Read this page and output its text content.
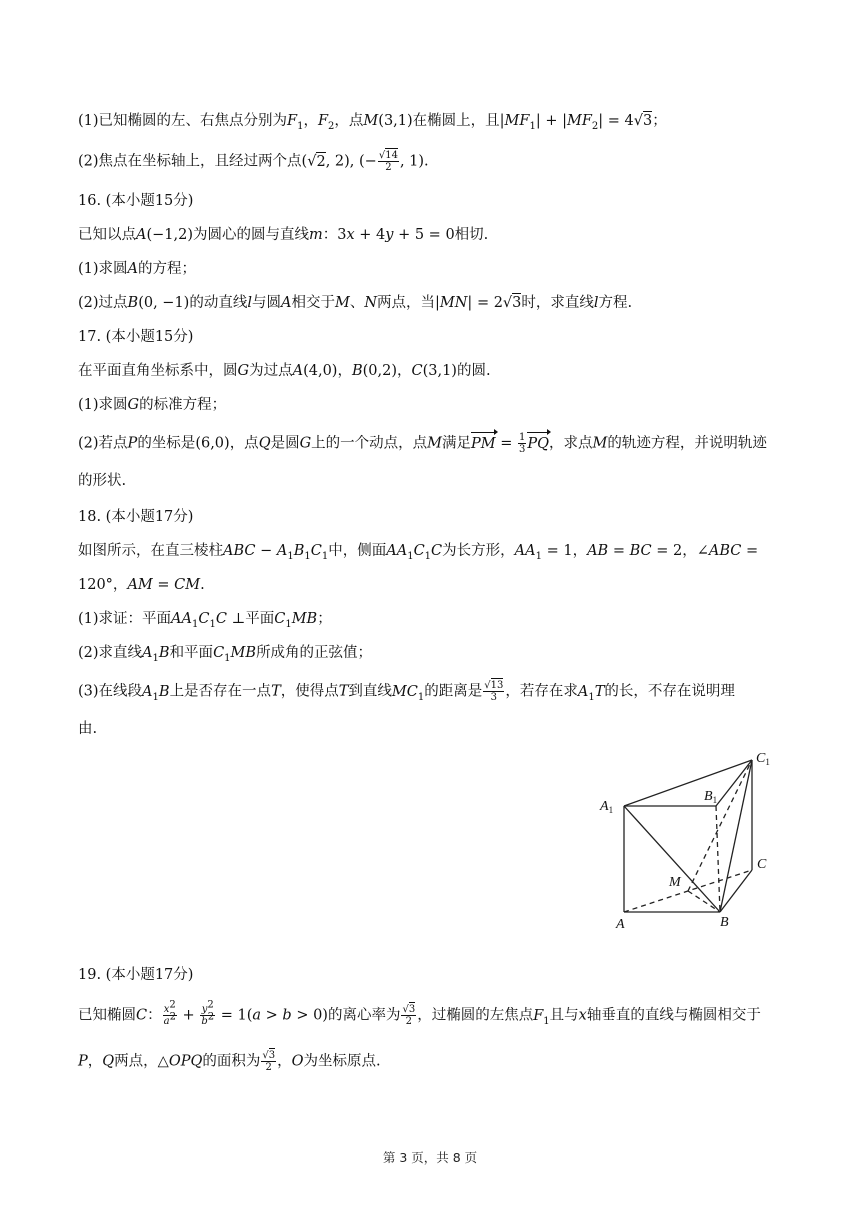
(1)已知椭圆的左、右焦点分别为$F_1$，$F_2$，点M(3,1)在椭圆上，且$|MF_1| + |MF_2| = 4√3$；
(2)焦点在坐标轴上，且经过两个点(√2, 2), (− $\frac{√14}{2}$ , 1).
16. (本小题15分)
已知以点A(−1,2)为圆心的圆与直线m：3x + 4y + 5 = 0相切.
(1)求圆A的方程；
(2)过点B(0, −1)的动直线l与圆A相交于M、N两点，当|MN| = 2√3时，求直线l方程.
17. (本小题15分)
在平面直角坐标系中，圆G为过点A(4,0)，B(0,2)，C(3,1)的圆.
(1)求圆G的标准方程；
(2)若点P的坐标是(6,0)，点Q是圆G上的一个动点，点M满足PM = $\frac{1}{3}$ PQ，求点M的轨迹方程，并说明轨迹
的形状.
18. (本小题17分)
如图所示，在直三棱柱ABC − $A_1B_1C_1$中，侧面$AA_1C_1C$为长方形，$AA_1 = 1$，AB = BC = 2，∠ABC =
120°，AM = CM.
(1)求证：平面$AA_1C_1C$ ⊥平面$C_1MB$；
(2)求直线$A_1B$和平面$C_1MB$所成角的正弦值；
(3)在线段$A_1B$上是否存在一点T，使得点T到直线$MC_1$的距离是 $\frac{√13}{3}$ ，若存在求$A_1T$的长，不存在说明理
由.
$A_1$
$B_1$
$C_1$
A	B
C
M
19. (本小题17分)
已知椭圆C： $\frac{x^2}{a^2} + \frac{y^2}{b^2} = 1(a > b > 0)$的离心率为 $\frac{√3}{2}$ ，过椭圆的左焦点$F_1$且与x轴垂直的直线与椭圆相交于
P，Q两点，△OPQ的面积为 $\frac{√3}{2}$ ，O为坐标原点.
第 3 页，共 8 页
